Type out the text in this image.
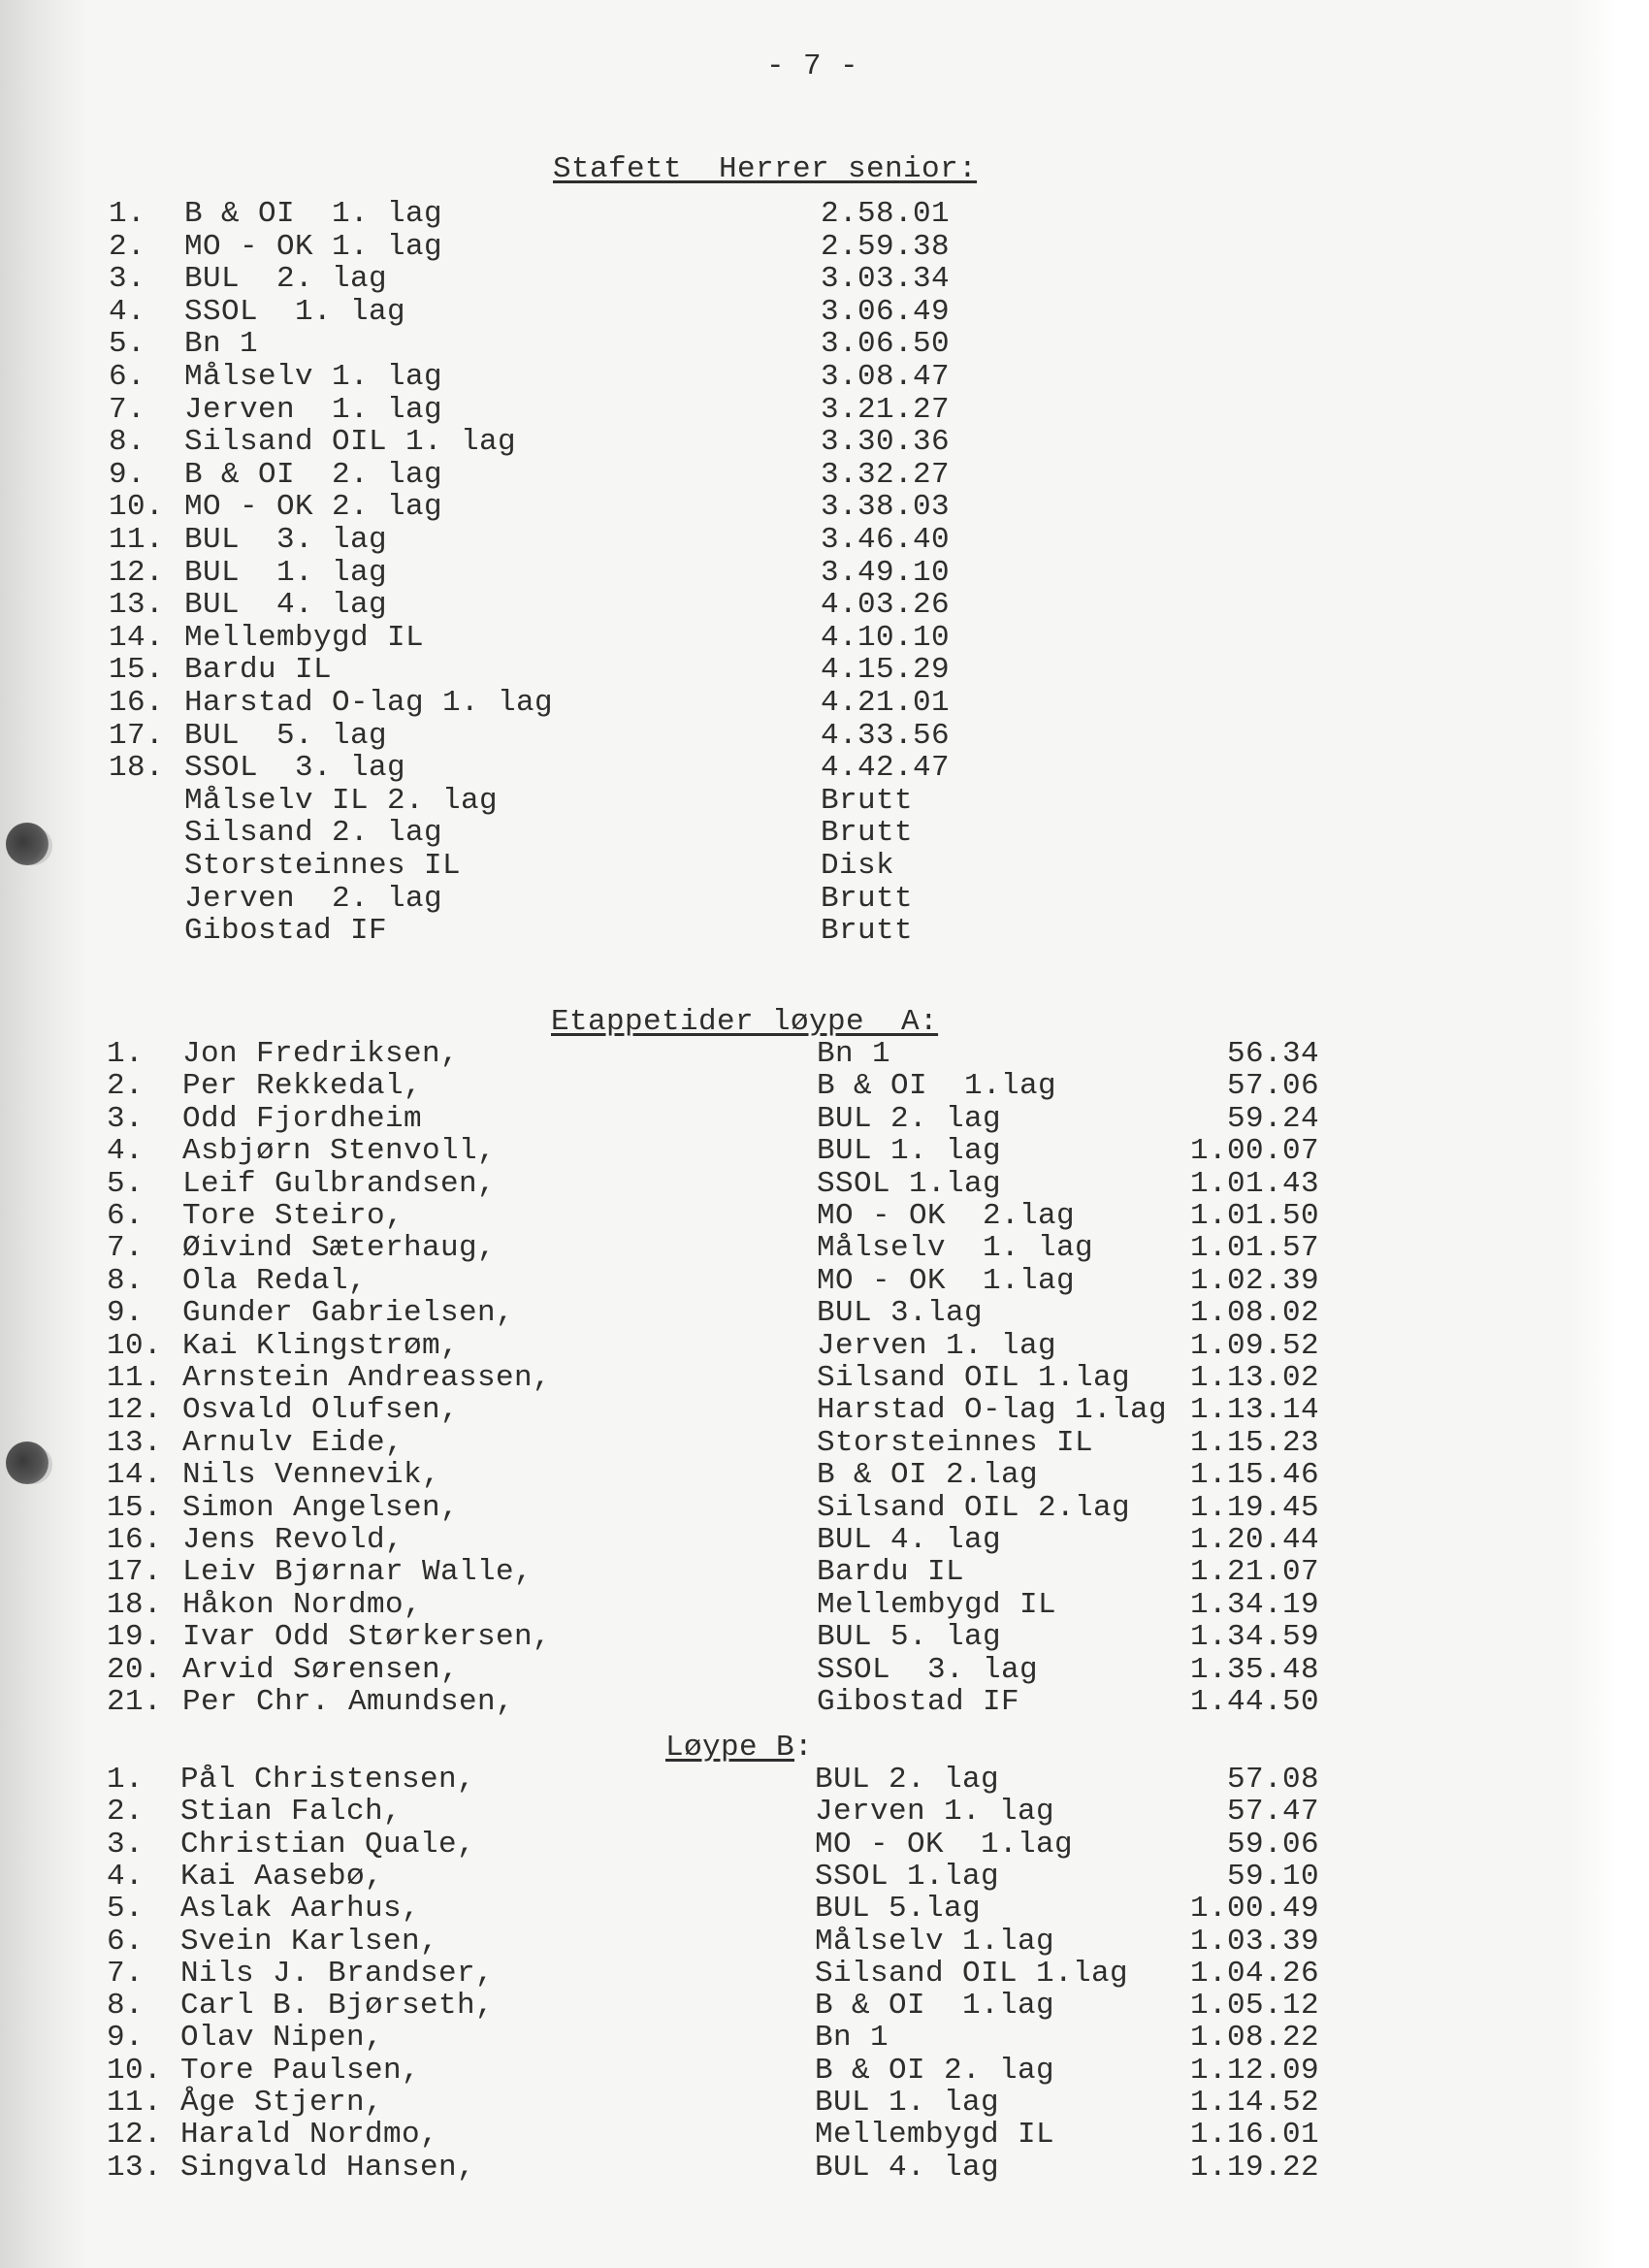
- 7 -
Stafett  Herrer senior:
1. B & OI  1. lag	2.58.01
2. MO - OK 1. lag	2.59.38
3. BUL  2. lag	3.03.34
4. SSOL  1. lag	3.06.49
5. Bn 1	3.06.50
6. Målselv 1. lag	3.08.47
7. Jerven  1. lag	3.21.27
8. Silsand OIL 1. lag	3.30.36
9. B & OI  2. lag	3.32.27
10. MO - OK 2. lag	3.38.03
11. BUL  3. lag	3.46.40
12. BUL  1. lag	3.49.10
13. BUL  4. lag	4.03.26
14. Mellembygd IL	4.10.10
15. Bardu IL	4.15.29
16. Harstad O-lag 1. lag	4.21.01
17. BUL  5. lag	4.33.56
18. SSOL  3. lag	4.42.47
Målselv IL 2. lag	Brutt
Silsand 2. lag	Brutt
Storsteinnes IL	Disk
Jerven  2. lag	Brutt
Gibostad IF	Brutt
Etappetider løype  A:
1. Jon Fredriksen,	Bn 1	56.34
2. Per Rekkedal,	B & OI  1.lag	57.06
3. Odd Fjordheim	BUL 2. lag	59.24
4. Asbjørn Stenvoll,	BUL 1. lag	1.00.07
5. Leif Gulbrandsen,	SSOL 1.lag	1.01.43
6. Tore Steiro,	MO - OK  2.lag	1.01.50
7. Øivind Sæterhaug,	Målselv  1. lag	1.01.57
8. Ola Redal,	MO - OK  1.lag	1.02.39
9. Gunder Gabrielsen,	BUL 3.lag	1.08.02
10. Kai Klingstrøm,	Jerven 1. lag	1.09.52
11. Arnstein Andreassen,	Silsand OIL 1.lag 1.13.02
12. Osvald Olufsen,	Harstad O-lag 1.lag 1.13.14
13. Arnulv Eide,	Storsteinnes IL	1.15.23
14. Nils Vennevik,	B & OI 2.lag	1.15.46
15. Simon Angelsen,	Silsand OIL 2.lag 1.19.45
16. Jens Revold,	BUL 4. lag	1.20.44
17. Leiv Bjørnar Walle,	Bardu IL	1.21.07
18. Håkon Nordmo,	Mellembygd IL	1.34.19
19. Ivar Odd Størkersen,	BUL 5. lag	1.34.59
20. Arvid Sørensen,	SSOL  3. lag	1.35.48
21. Per Chr. Amundsen,	Gibostad IF	1.44.50
Løype B:
1. Pål Christensen,	BUL 2. lag	57.08
2. Stian Falch,	Jerven 1. lag	57.47
3. Christian Quale,	MO - OK  1.lag	59.06
4. Kai Aasebø,	SSOL 1.lag	59.10
5. Aslak Aarhus,	BUL 5.lag	1.00.49
6. Svein Karlsen,	Målselv 1.lag	1.03.39
7. Nils J. Brandser,	Silsand OIL 1.lag 1.04.26
8. Carl B. Bjørseth,	B & OI  1.lag	1.05.12
9. Olav Nipen,	Bn 1	1.08.22
10. Tore Paulsen,	B & OI 2. lag	1.12.09
11. Åge Stjern,	BUL 1. lag	1.14.52
12. Harald Nordmo,	Mellembygd IL	1.16.01
13. Singvald Hansen,	BUL 4. lag	1.19.22
